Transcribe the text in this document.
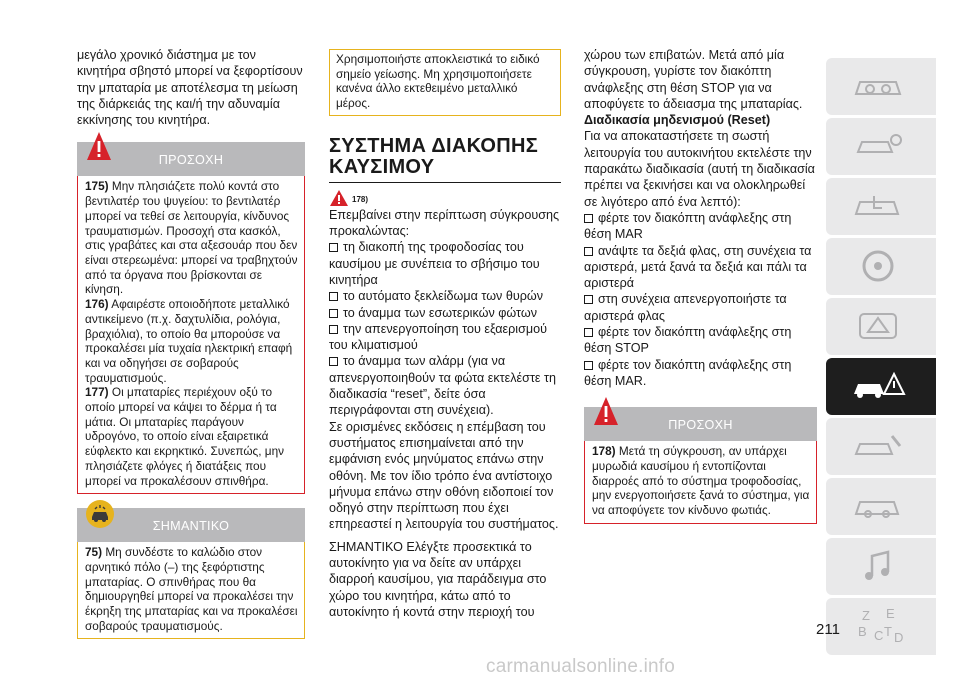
μεγάλο χρονικό διάστημα με τον κινητήρα σβηστό μπορεί να ξεφορτίσουν την μπαταρία με αποτέλεσμα τη μείωση της διάρκειάς της και/ή την αδυναμία εκκίνησης του κινητήρα.

ΠΡΟΣΟΧΗ

175) Μην πλησιάζετε πολύ κοντά στο βεντιλατέρ του ψυγείου: το βεντιλατέρ μπορεί να τεθεί σε λειτουργία, κίνδυνος τραυματισμών. Προσοχή στα κασκόλ, στις γραβάτες και στα αξεσουάρ που δεν είναι στερεωμένα: μπορεί να τραβηχτούν από τα όργανα που βρίσκονται σε κίνηση.

176) Αφαιρέστε οποιοδήποτε μεταλλικό αντικείμενο (π.χ. δαχτυλίδια, ρολόγια, βραχιόλια), το οποίο θα μπορούσε να προκαλέσει μία τυχαία ηλεκτρική επαφή και να οδηγήσει σε σοβαρούς τραυματισμούς.

177) Οι μπαταρίες περιέχουν οξύ το οποίο μπορεί να κάψει το δέρμα ή τα μάτια. Οι μπαταρίες παράγουν υδρογόνο, το οποίο είναι εξαιρετικά εύφλεκτο και εκρηκτικό. Συνεπώς, μην πλησιάζετε φλόγες ή διατάξεις που μπορεί να προκαλέσουν σπινθήρα.

ΣΗΜΑΝΤΙΚΟ

75) Μη συνδέστε το καλώδιο στον αρνητικό πόλο (–) της ξεφόρτιστης μπαταρίας. Ο σπινθήρας που θα δημιουργηθεί μπορεί να προκαλέσει την έκρηξη της μπαταρίας και να προκαλέσει σοβαρούς τραυματισμούς.

Χρησιμοποιήστε αποκλειστικά το ειδικό σημείο γείωσης. Μη χρησιμοποιήσετε κανένα άλλο εκτεθειμένο μεταλλικό μέρος.
ΣΥΣΤΗΜΑ ΔΙΑΚΟΠΗΣ
ΚΑΥΣΙΜΟΥ
178)

Επεμβαίνει στην περίπτωση σύγκρουσης προκαλώντας:

τη διακοπή της τροφοδοσίας του καυσίμου με συνέπεια το σβήσιμο του κινητήρα

το αυτόματο ξεκλείδωμα των θυρών

το άναμμα των εσωτερικών φώτων

την απενεργοποίηση του εξαερισμού του κλιματισμού

το άναμμα των αλάρμ (για να απενεργοποιηθούν τα φώτα εκτελέστε τη διαδικασία “reset”, δείτε όσα περιγράφονται στη συνέχεια).

Σε ορισμένες εκδόσεις η επέμβαση του συστήματος επισημαίνεται από την εμφάνιση ενός μηνύματος επάνω στην οθόνη. Με τον ίδιο τρόπο ένα αντίστοιχο μήνυμα επάνω στην οθόνη ειδοποιεί τον οδηγό στην περίπτωση που έχει επηρεαστεί η λειτουργία του συστήματος.

ΣΗΜΑΝΤΙΚΟ Ελέγξτε προσεκτικά το αυτοκίνητο για να δείτε αν υπάρχει διαρροή καυσίμου, για παράδειγμα στο χώρο του κινητήρα, κάτω από το αυτοκίνητο ή κοντά στην περιοχή του

χώρου των επιβατών. Μετά από μία σύγκρουση, γυρίστε τον διακόπτη ανάφλεξης στη θέση STOP για να αποφύγετε το άδειασμα της μπαταρίας.

Διαδικασία μηδενισμού (Reset)

Για να αποκαταστήσετε τη σωστή λειτουργία του αυτοκινήτου εκτελέστε την παρακάτω διαδικασία (αυτή τη διαδικασία πρέπει να ξεκινήσει και να ολοκληρωθεί σε λιγότερο από ένα λεπτό):

φέρτε τον διακόπτη ανάφλεξης στη θέση MAR

ανάψτε τα δεξιά φλας, στη συνέχεια τα αριστερά, μετά ξανά τα δεξιά και πάλι τα αριστερά

στη συνέχεια απενεργοποιήστε τα αριστερά φλας

φέρτε τον διακόπτη ανάφλεξης στη θέση STOP

φέρτε τον διακόπτη ανάφλεξης στη θέση MAR.

ΠΡΟΣΟΧΗ

178) Μετά τη σύγκρουση, αν υπάρχει μυρωδιά καυσίμου ή εντοπίζονται διαρροές από το σύστημα τροφοδοσίας, μην ενεργοποιήσετε ξανά το σύστημα, για να αποφύγετε τον κίνδυνο φωτιάς.

Z E
B C T D
211
carmanualsonline.info
